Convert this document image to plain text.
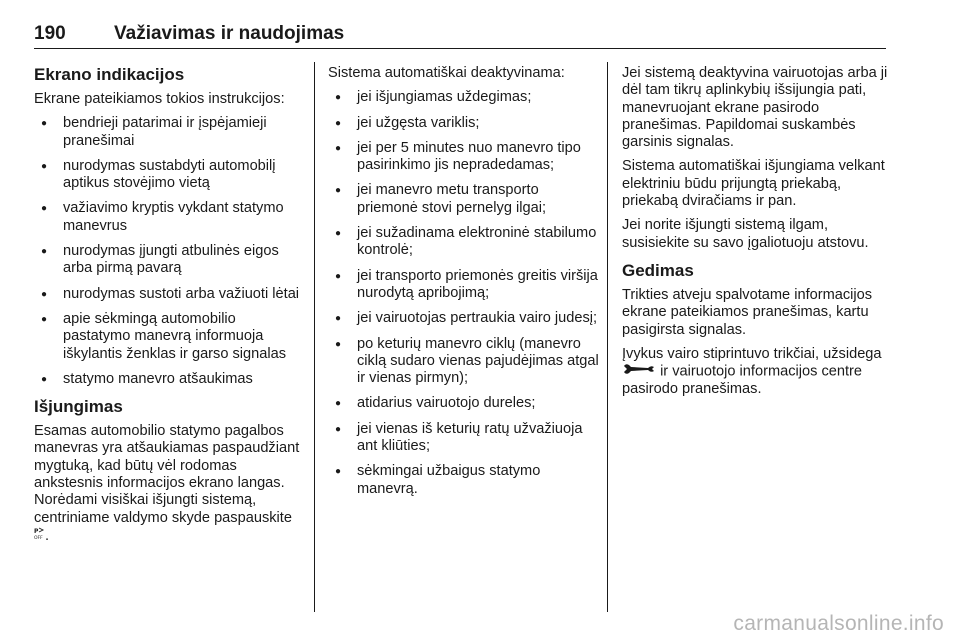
190	Važiavimas ir naudojimas
Ekrano indikacijos

Ekrane pateikiamos tokios instrukcijos:

● bendrieji patarimai ir įspėjamieji pranešimai
● nurodymas sustabdyti automobilį aptikus stovėjimo vietą
● važiavimo kryptis vykdant statymo manevrus
● nurodymas įjungti atbulinės eigos arba pirmą pavarą
● nurodymas sustoti arba važiuoti lėtai
● apie sėkmingą automobilio pastatymo manevrą informuoja iškylantis ženklas ir garso signalas
● statymo manevro atšaukimas
Išjungimas

Esamas automobilio statymo pagalbos manevras yra atšaukiamas paspaudžiant mygtuką, kad būtų vėl rodomas ankstesnis informacijos ekrano langas. Norėdami visiškai išjungti sistemą, centriniame valdymo skyde paspauskite
P
OFF .

Sistema automatiškai deaktyvinama:

● jei išjungiamas uždegimas;
● jei užgęsta variklis;
● jei per 5 minutes nuo manevro tipo pasirinkimo jis nepradedamas;
● jei manevro metu transporto priemonė stovi pernelyg ilgai;
● jei sužadinama elektroninė stabilumo kontrolė;
● jei transporto priemonės greitis viršija nurodytą apribojimą;
● jei vairuotojas pertraukia vairo judesį;
● po keturių manevro ciklų (manevro ciklą sudaro vienas pajudėjimas atgal ir vienas pirmyn);
● atidarius vairuotojo dureles;
● jei vienas iš keturių ratų užvažiuoja ant kliūties;
● sėkmingai užbaigus statymo manevrą.

Jei sistemą deaktyvina vairuotojas arba ji dėl tam tikrų aplinkybių išsijungia pati, manevruojant ekrane pasirodo pranešimas. Papildomai suskambės garsinis signalas.

Sistema automatiškai išjungiama velkant elektriniu būdu prijungtą priekabą, priekabą dviračiams ir pan.

Jei norite išjungti sistemą ilgam, susisiekite su savo įgaliotuoju atstovu.

Gedimas

Trikties atveju spalvotame informacijos ekrane pateikiamos pranešimas, kartu pasigirsta signalas.

Įvykus vairo stiprintuvo trikčiai, užsidega  ir vairuotojo informacijos centre pasirodo pranešimas.

carmanualsonline.info
